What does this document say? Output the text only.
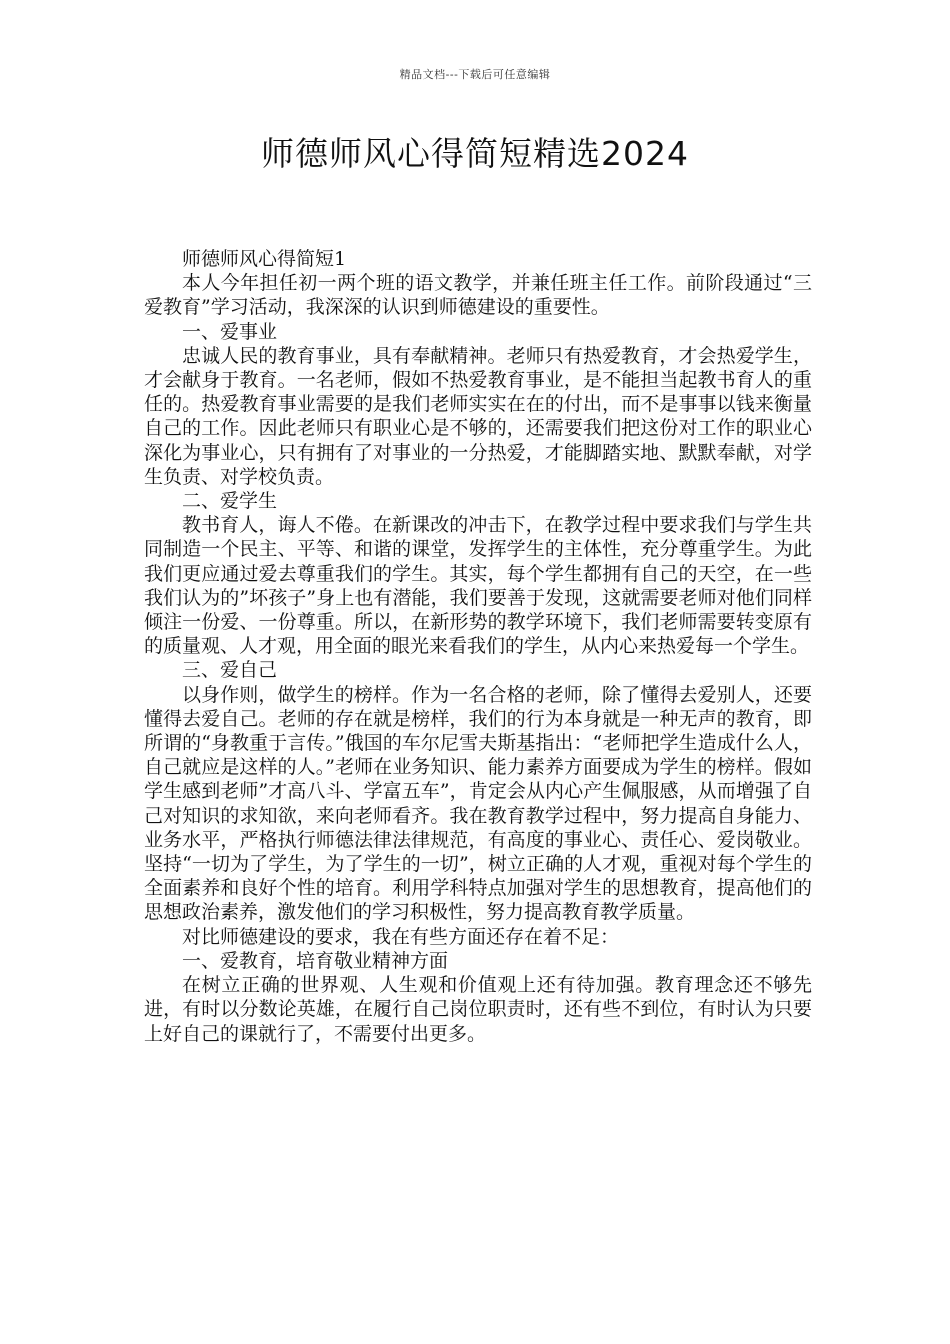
精品文档---下载后可任意编辑
师德师风心得简短精选2024

师德师风心得简短1

本人今年担任初一两个班的语文教学，并兼任班主任工作。前阶段通过“三爱教育”学习活动，我深深的认识到师德建设的重要性。

一、爱事业

忠诚人民的教育事业，具有奉献精神。老师只有热爱教育，才会热爱学生，才会献身于教育。一名老师，假如不热爱教育事业，是不能担当起教书育人的重任的。热爱教育事业需要的是我们老师实实在在的付出，而不是事事以钱来衡量自己的工作。因此老师只有职业心是不够的，还需要我们把这份对工作的职业心深化为事业心，只有拥有了对事业的一分热爱，才能脚踏实地、默默奉献，对学生负责、对学校负责。

二、爱学生

教书育人，诲人不倦。在新课改的冲击下，在教学过程中要求我们与学生共同制造一个民主、平等、和谐的课堂，发挥学生的主体性，充分尊重学生。为此我们更应通过爱去尊重我们的学生。其实，每个学生都拥有自己的天空，在一些我们认为的”坏孩子”身上也有潜能，我们要善于发现，这就需要老师对他们同样倾注一份爱、一份尊重。所以，在新形势的教学环境下，我们老师需要转变原有的质量观、人才观，用全面的眼光来看我们的学生，从内心来热爱每一个学生。

三、爱自己

以身作则，做学生的榜样。作为一名合格的老师，除了懂得去爱别人，还要懂得去爱自己。老师的存在就是榜样，我们的行为本身就是一种无声的教育，即所谓的“身教重于言传。”俄国的车尔尼雪夫斯基指出：“老师把学生造成什么人，自己就应是这样的人。”老师在业务知识、能力素养方面要成为学生的榜样。假如学生感到老师”才高八斗、学富五车”，肯定会从内心产生佩服感，从而增强了自己对知识的求知欲，来向老师看齐。我在教育教学过程中，努力提高自身能力、业务水平，严格执行师德法律法律规范，有高度的事业心、责任心、爱岗敬业。坚持“一切为了学生，为了学生的一切”，树立正确的人才观，重视对每个学生的全面素养和良好个性的培育。利用学科特点加强对学生的思想教育，提高他们的思想政治素养，激发他们的学习积极性，努力提高教育教学质量。

对比师德建设的要求，我在有些方面还存在着不足：

一、爱教育，培育敬业精神方面

在树立正确的世界观、人生观和价值观上还有待加强。教育理念还不够先进，有时以分数论英雄，在履行自己岗位职责时，还有些不到位，有时认为只要上好自己的课就行了，不需要付出更多。
